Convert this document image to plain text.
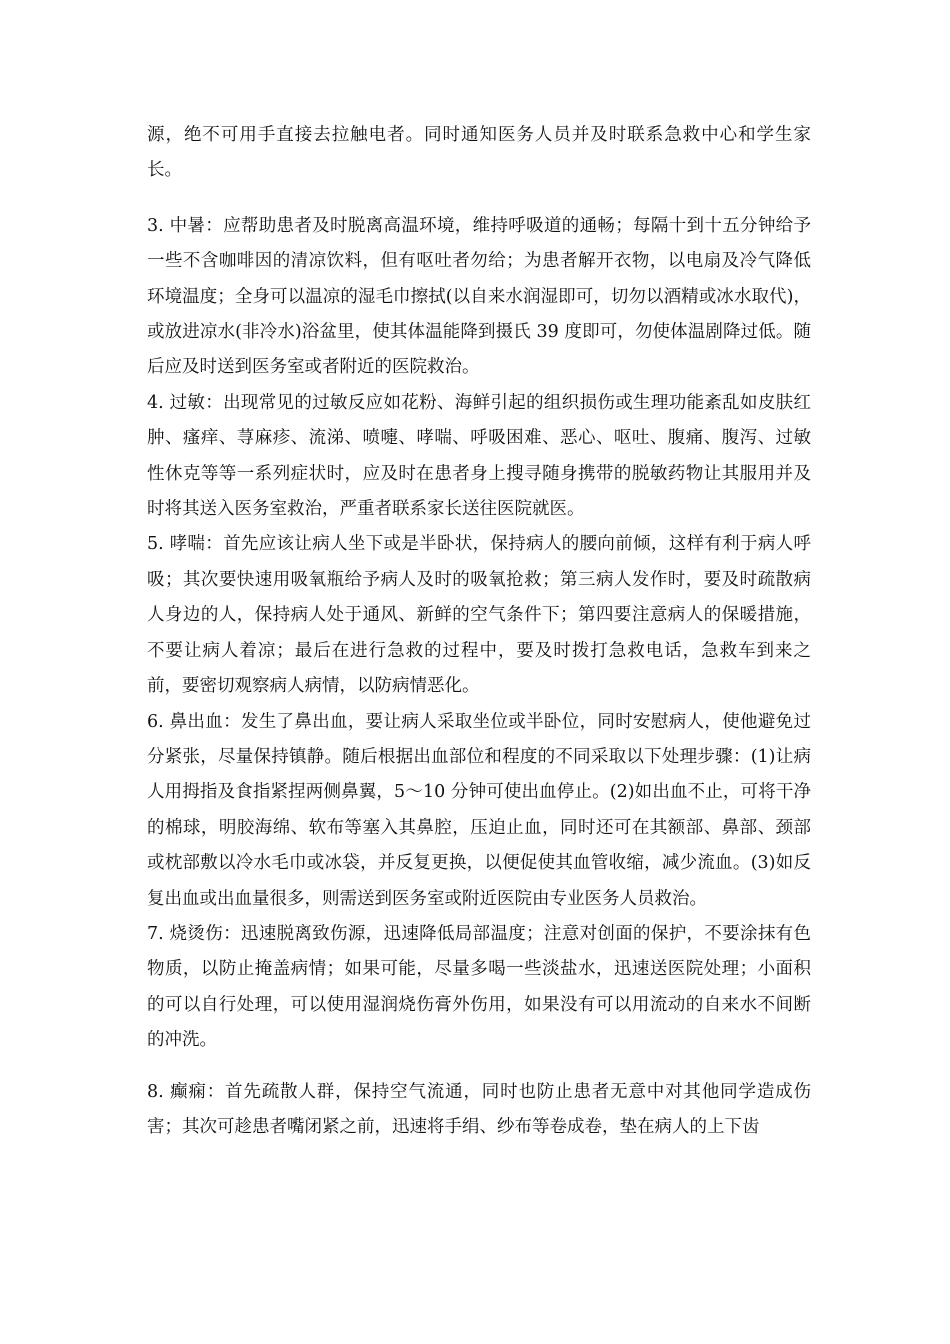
源，绝不可用手直接去拉触电者。同时通知医务人员并及时联系急救中心和学生家长。

3. 中暑：应帮助患者及时脱离高温环境，维持呼吸道的通畅；每隔十到十五分钟给予一些不含咖啡因的清凉饮料，但有呕吐者勿给；为患者解开衣物，以电扇及冷气降低环境温度；全身可以温凉的湿毛巾擦拭(以自来水润湿即可，切勿以酒精或冰水取代)，或放进凉水(非冷水)浴盆里，使其体温能降到摄氏 39 度即可，勿使体温剧降过低。随后应及时送到医务室或者附近的医院救治。

4. 过敏：出现常见的过敏反应如花粉、海鲜引起的组织损伤或生理功能紊乱如皮肤红肿、瘙痒、荨麻疹、流涕、喷嚏、哮喘、呼吸困难、恶心、呕吐、腹痛、腹泻、过敏性休克等等一系列症状时，应及时在患者身上搜寻随身携带的脱敏药物让其服用并及时将其送入医务室救治，严重者联系家长送往医院就医。

5. 哮喘：首先应该让病人坐下或是半卧状，保持病人的腰向前倾，这样有利于病人呼吸；其次要快速用吸氧瓶给予病人及时的吸氧抢救；第三病人发作时，要及时疏散病人身边的人，保持病人处于通风、新鲜的空气条件下；第四要注意病人的保暖措施，不要让病人着凉；最后在进行急救的过程中，要及时拨打急救电话，急救车到来之前，要密切观察病人病情，以防病情恶化。

6. 鼻出血：发生了鼻出血，要让病人采取坐位或半卧位，同时安慰病人，使他避免过分紧张，尽量保持镇静。随后根据出血部位和程度的不同采取以下处理步骤：(1)让病人用拇指及食指紧捏两侧鼻翼，5～10 分钟可使出血停止。(2)如出血不止，可将干净的棉球，明胶海绵、软布等塞入其鼻腔，压迫止血，同时还可在其额部、鼻部、颈部或枕部敷以冷水毛巾或冰袋，并反复更换，以便促使其血管收缩，减少流血。(3)如反复出血或出血量很多，则需送到医务室或附近医院由专业医务人员救治。

7. 烧烫伤：迅速脱离致伤源，迅速降低局部温度；注意对创面的保护，不要涂抹有色物质，以防止掩盖病情；如果可能，尽量多喝一些淡盐水，迅速送医院处理；小面积的可以自行处理，可以使用湿润烧伤膏外伤用，如果没有可以用流动的自来水不间断的冲洗。

8. 癫痫：首先疏散人群，保持空气流通，同时也防止患者无意中对其他同学造成伤害；其次可趁患者嘴闭紧之前，迅速将手绢、纱布等卷成卷，垫在病人的上下齿
